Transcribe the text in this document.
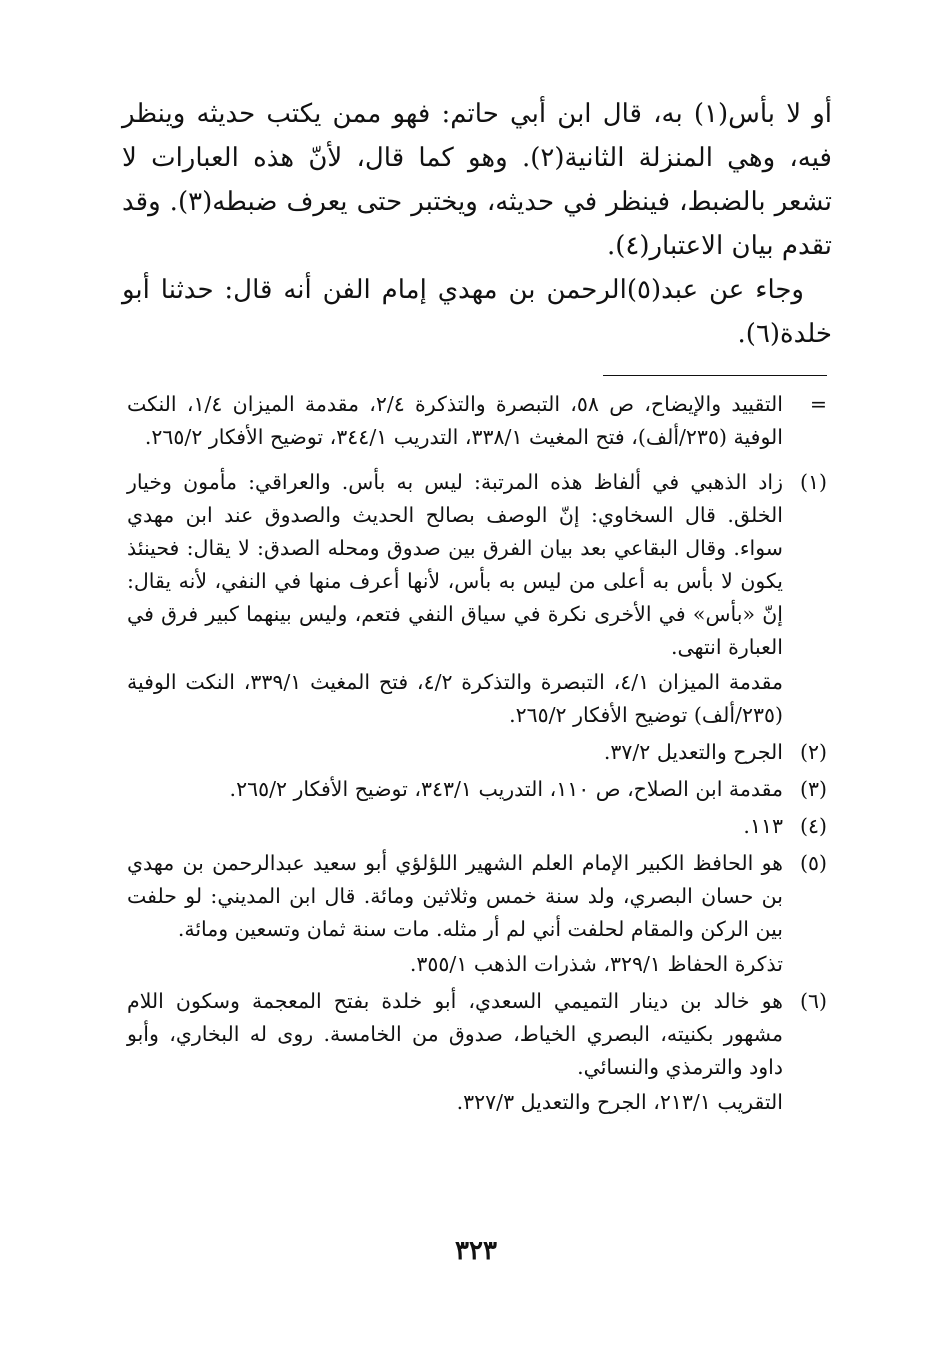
أو لا بأس(١) به، قال ابن أبي حاتم: فهو ممن يكتب حديثه وينظر فيه، وهي المنزلة الثانية(٢). وهو كما قال، لأنّ هذه العبارات لا تشعر بالضبط، فينظر في حديثه، ويختبر حتى يعرف ضبطه(٣). وقد تقدم بيان الاعتبار(٤).

وجاء عن عبد(٥)الرحمن بن مهدي إمام الفن أنه قال: حدثنا أبو خلدة(٦).

=
التقييد والإيضاح، ص ٥٨، التبصرة والتذكرة ٢/٤، مقدمة الميزان ١/٤، النكت الوفية (٢٣٥/ألف)، فتح المغيث ٣٣٨/١، التدريب ٣٤٤/١، توضيح الأفكار ٢٦٥/٢.
(١)
زاد الذهبي في ألفاظ هذه المرتبة: ليس به بأس. والعراقي: مأمون وخيار الخلق. قال السخاوي: إنّ الوصف بصالح الحديث والصدوق عند ابن مهدي سواء. وقال البقاعي بعد بيان الفرق بين صدوق ومحله الصدق: لا يقال: فحينئذ يكون لا بأس به أعلى من ليس به بأس، لأنها أعرف منها في النفي، لأنه يقال: إنّ «بأس» في الأخرى نكرة في سياق النفي فتعم، وليس بينهما كبير فرق في العبارة انتهى.
مقدمة الميزان ٤/١، التبصرة والتذكرة ٤/٢، فتح المغيث ٣٣٩/١، النكت الوفية (٢٣٥/ألف) توضيح الأفكار ٢٦٥/٢.
(٢)
الجرح والتعديل ٣٧/٢.
(٣)
مقدمة ابن الصلاح، ص ١١٠، التدريب ٣٤٣/١، توضيح الأفكار ٢٦٥/٢.
(٤)
١١٣.
(٥)
هو الحافظ الكبير الإمام العلم الشهير اللؤلؤي أبو سعيد عبدالرحمن بن مهدي بن حسان البصري، ولد سنة خمس وثلاثين ومائة. قال ابن المديني: لو حلفت بين الركن والمقام لحلفت أني لم أر مثله. مات سنة ثمان وتسعين ومائة.
تذكرة الحفاظ ٣٢٩/١، شذرات الذهب ٣٥٥/١.
(٦)
هو خالد بن دينار التميمي السعدي، أبو خلدة بفتح المعجمة وسكون اللام مشهور بكنيته، البصري الخياط، صدوق من الخامسة. روى له البخاري، وأبو داود والترمذي والنسائي.
التقريب ٢١٣/١، الجرح والتعديل ٣٢٧/٣.
٣٢٣
